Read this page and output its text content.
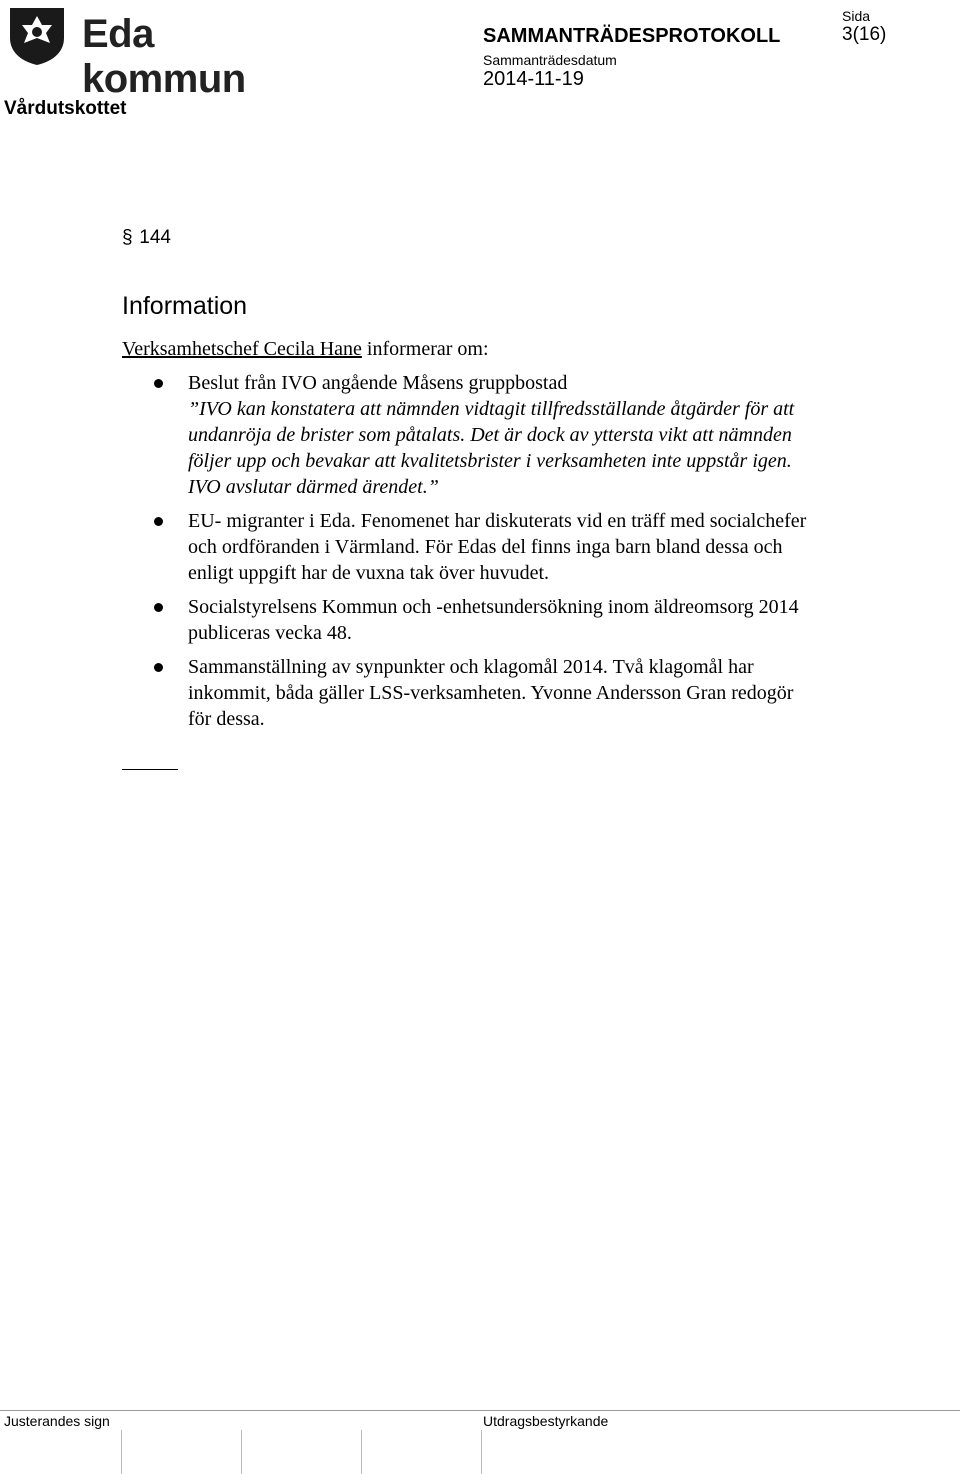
Eda kommun
Vårdutskottet
SAMMANTRÄDESPROTOKOLL
Sammanträdesdatum
2014-11-19
Sida
3(16)
§ 144
Information
Verksamhetschef Cecila Hane informerar om:
Beslut från IVO angående Måsens gruppbostad
”IVO kan konstatera att nämnden vidtagit tillfredsställande åtgärder för att undanröja de brister som påtalats. Det är dock av yttersta vikt att nämnden följer upp och bevakar att kvalitetsbrister i verksamheten inte uppstår igen. IVO avslutar därmed ärendet.”
EU- migranter i Eda. Fenomenet har diskuterats vid en träff med socialchefer och ordföranden i Värmland. För Edas del finns inga barn bland dessa och enligt uppgift har de vuxna tak över huvudet.
Socialstyrelsens Kommun och -enhetsundersökning inom äldreomsorg 2014 publiceras vecka 48.
Sammanställning av synpunkter och klagomål 2014. Två klagomål har inkommit, båda gäller LSS-verksamheten. Yvonne Andersson Gran redogör för dessa.
Justerandes sign	Utdragsbestyrkande
